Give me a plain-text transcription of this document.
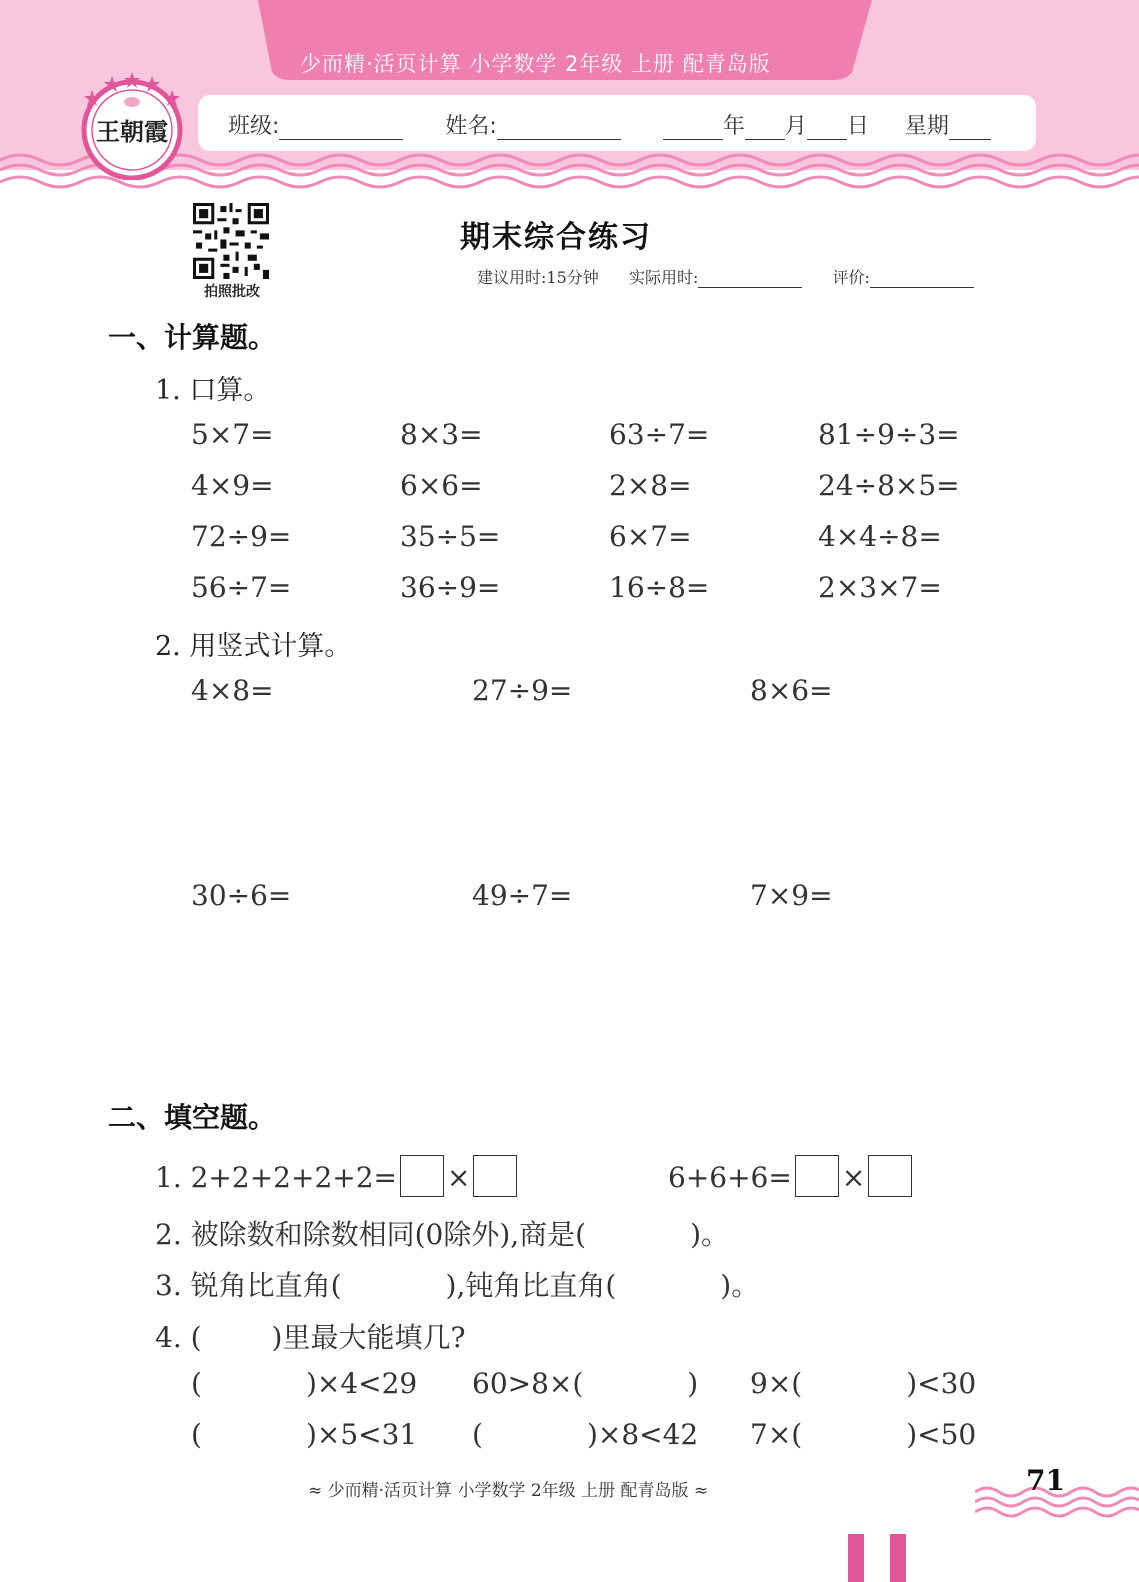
少而精·活页计算 小学数学 2年级 上册 配青岛版
班级:	姓名:	年 月 日 星期
王朝霞
拍照批改
期末综合练习
建议用时:15分钟 实际用时:	评价:
一、计算题。
1. 口算。
5×7=	8×3=	63÷7=	81÷9÷3=
4×9=	6×6=	2×8=	24÷8×5=
72÷9=	35÷5=	6×7=	4×4÷8=
56÷7=	36÷9=	16÷8=	2×3×7=
2. 用竖式计算。
4×8=	27÷9=	8×6=
30÷6=	49÷7=	7×9=
二、填空题。
1. 2+2+2+2+2= ×	6+6+6= ×
2. 被除数和除数相同(0除外),商是(	)。
3. 锐角比直角(	),钝角比直角(	)。
4. (	)里最大能填几?
(	)×4<29 60>8×(	) 9×(	)<30
(	)×5<31 (	)×8<42 7×(	)<50
≈ 少而精·活页计算 小学数学 2年级 上册 配青岛版 ≈	71
